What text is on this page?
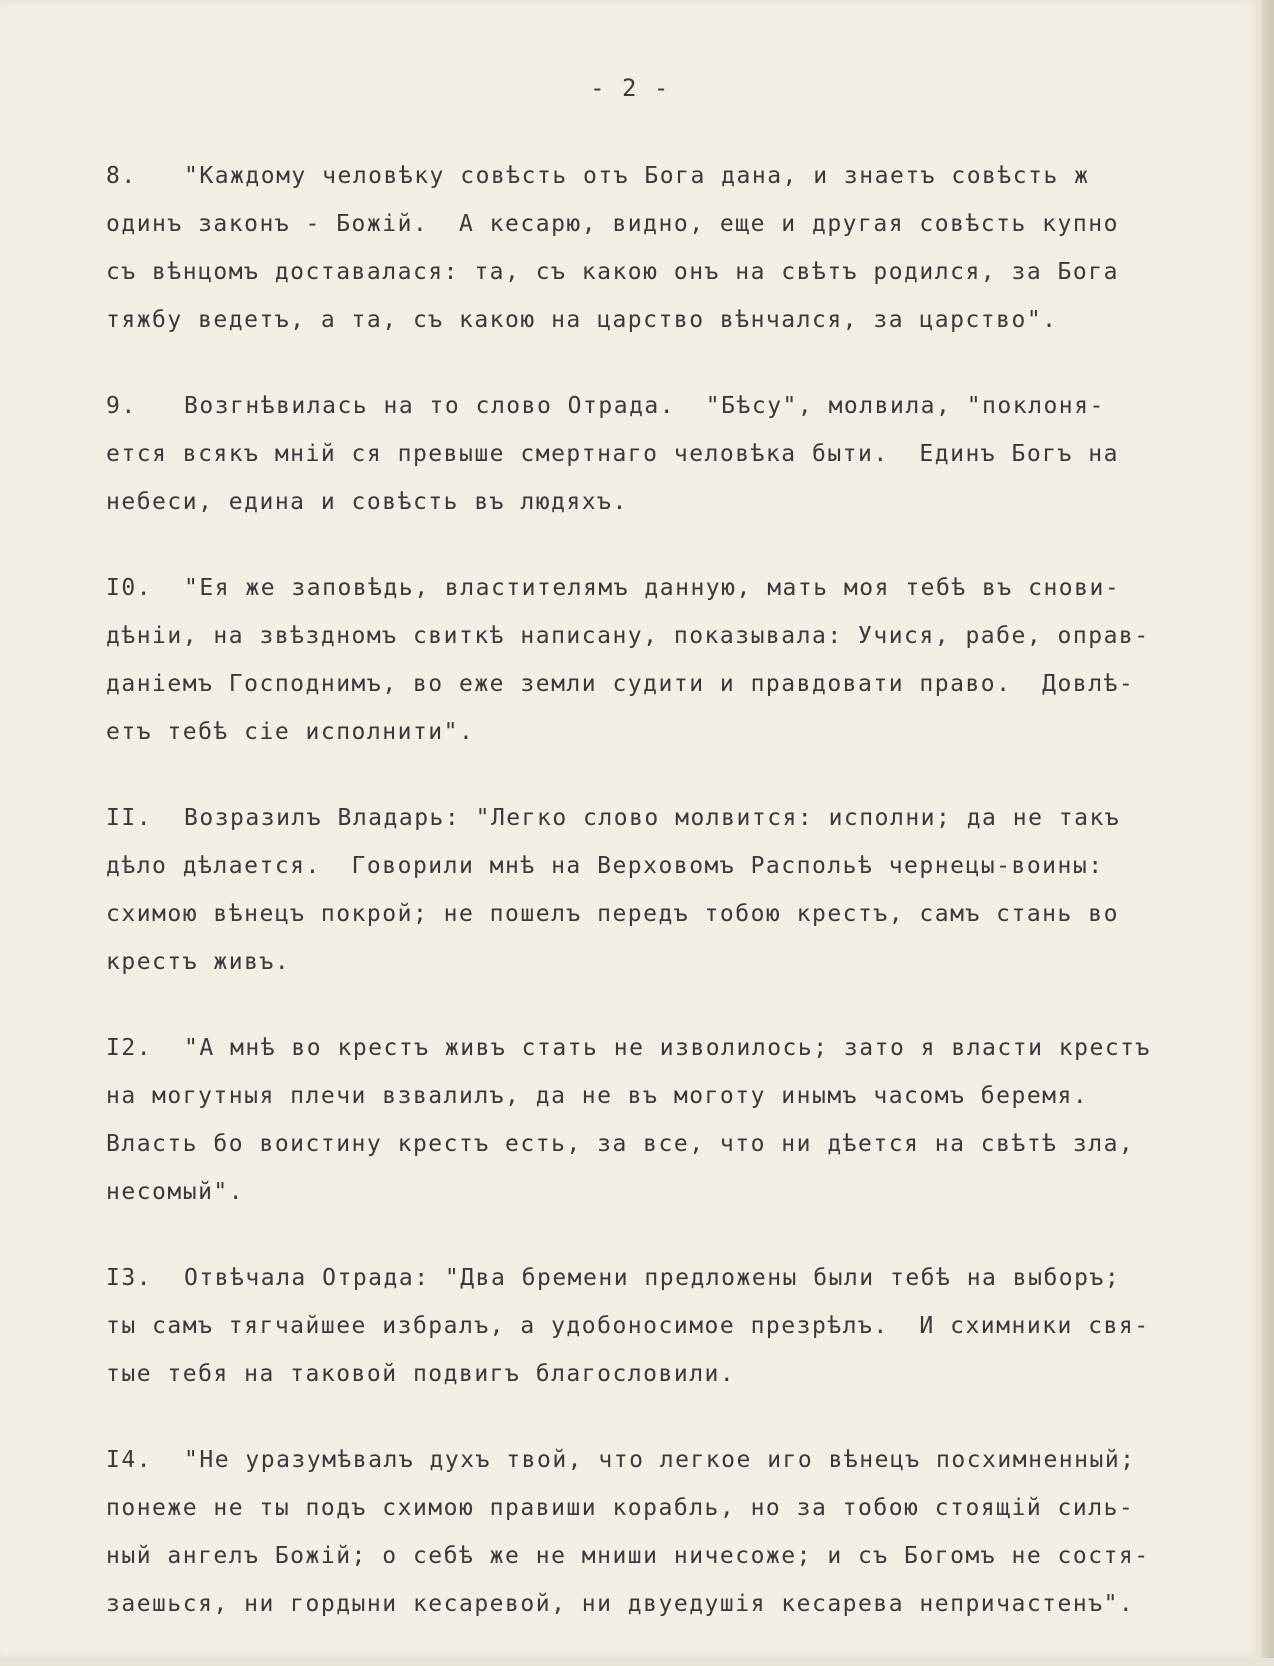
- 2 -
8. "Каждому человѣку совѣсть отъ Бога дана, и знаетъ совѣсть ж
одинъ законъ - Божiй.  А кесарю, видно, еще и другая совѣсть купно
съ вѣнцомъ доставалася: та, съ какою онъ на свѣтъ родился, за Бога
тяжбу ведетъ, а та, съ какою на царство вѣнчался, за царство".
9. Возгнѣвилась на то слово Отрада.  "Бѣсу", молвила, "поклоня-
ется всякъ мнiй ся превыше смертнаго человѣка быти.  Единъ Богъ на
небеси, едина и совѣсть въ людяхъ.
I0. "Ея же заповѣдь, властителямъ данную, мать моя тебѣ въ снови-
дѣнiи, на звѣздномъ свиткѣ написану, показывала: Учися, рабе, оправ-
данiемъ Господнимъ, во еже земли судити и правдовати право.  Довлѣ-
етъ тебѣ сiе исполнити".
II. Возразилъ Владарь: "Легко слово молвится: исполни; да не такъ
дѣло дѣлается.  Говорили мнѣ на Верховомъ Распольѣ чернецы-воины:
схимою вѣнецъ покрой; не пошелъ передъ тобою крестъ, самъ стань во
крестъ живъ.
I2. "А мнѣ во крестъ живъ стать не изволилось; зато я власти крестъ
на могутныя плечи взвалилъ, да не въ моготу инымъ часомъ беремя.
Власть бо воистину крестъ есть, за все, что ни дѣется на свѣтѣ зла,
несомый".
I3. Отвѣчала Отрада: "Два бремени предложены были тебѣ на выборъ;
ты самъ тягчайшее избралъ, а удобоносимое презрѣлъ.  И схимники свя-
тые тебя на таковой подвигъ благословили.
I4. "Не уразумѣвалъ духъ твой, что легкое иго вѣнецъ посхимненный;
понеже не ты подъ схимою правиши корабль, но за тобою стоящiй силь-
ный ангелъ Божiй; о себѣ же не мниши ничесоже; и съ Богомъ не состя-
заешься, ни гордыни кесаревой, ни двуедушiя кесарева непричастенъ".
